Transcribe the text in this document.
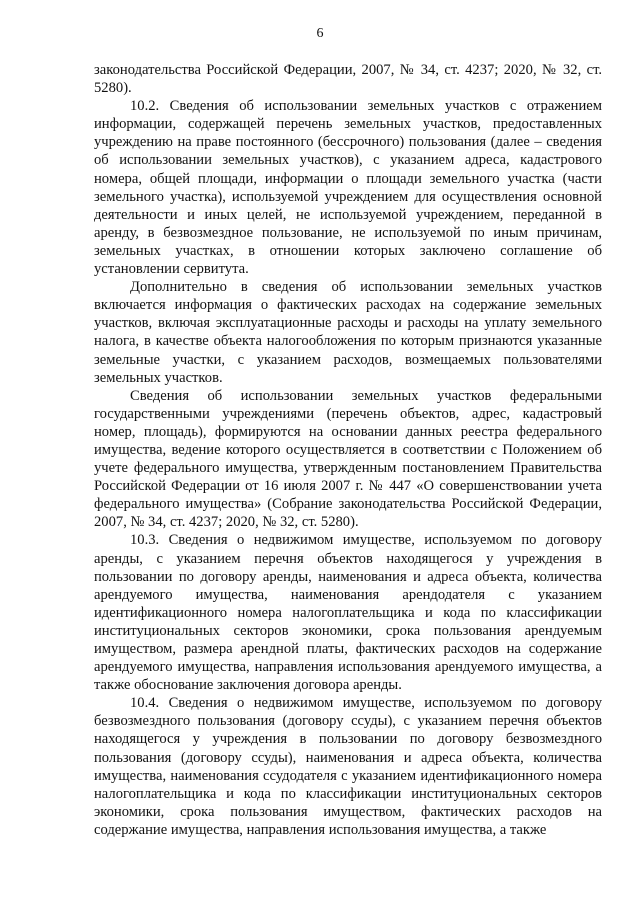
6

законодательства Российской Федерации, 2007, № 34, ст. 4237; 2020, № 32, ст. 5280).

10.2. Сведения об использовании земельных участков с отражением информации, содержащей перечень земельных участков, предоставленных учреждению на праве постоянного (бессрочного) пользования (далее – сведения об использовании земельных участков), с указанием адреса, кадастрового номера, общей площади, информации о площади земельного участка (части земельного участка), используемой учреждением для осуществления основной деятельности и иных целей, не используемой учреждением, переданной в аренду, в безвозмездное пользование, не используемой по иным причинам, земельных участках, в отношении которых заключено соглашение об установлении сервитута.

Дополнительно в сведения об использовании земельных участков включается информация о фактических расходах на содержание земельных участков, включая эксплуатационные расходы и расходы на уплату земельного налога, в качестве объекта налогообложения по которым признаются указанные земельные участки, с указанием расходов, возмещаемых пользователями земельных участков.

Сведения об использовании земельных участков федеральными государственными учреждениями (перечень объектов, адрес, кадастровый номер, площадь), формируются на основании данных реестра федерального имущества, ведение которого осуществляется в соответствии с Положением об учете федерального имущества, утвержденным постановлением Правительства Российской Федерации от 16 июля 2007 г. № 447 «О совершенствовании учета федерального имущества» (Собрание законодательства Российской Федерации, 2007, № 34, ст. 4237; 2020, № 32, ст. 5280).

10.3. Сведения о недвижимом имуществе, используемом по договору аренды, с указанием перечня объектов находящегося у учреждения в пользовании по договору аренды, наименования и адреса объекта, количества арендуемого имущества, наименования арендодателя с указанием идентификационного номера налогоплательщика и кода по классификации институциональных секторов экономики, срока пользования арендуемым имуществом, размера арендной платы, фактических расходов на содержание арендуемого имущества, направления использования арендуемого имущества, а также обоснование заключения договора аренды.

10.4. Сведения о недвижимом имуществе, используемом по договору безвозмездного пользования (договору ссуды), с указанием перечня объектов находящегося у учреждения в пользовании по договору безвозмездного пользования (договору ссуды), наименования и адреса объекта, количества имущества, наименования ссудодателя с указанием идентификационного номера налогоплательщика и кода по классификации институциональных секторов экономики, срока пользования имуществом, фактических расходов на содержание имущества, направления использования имущества, а также
